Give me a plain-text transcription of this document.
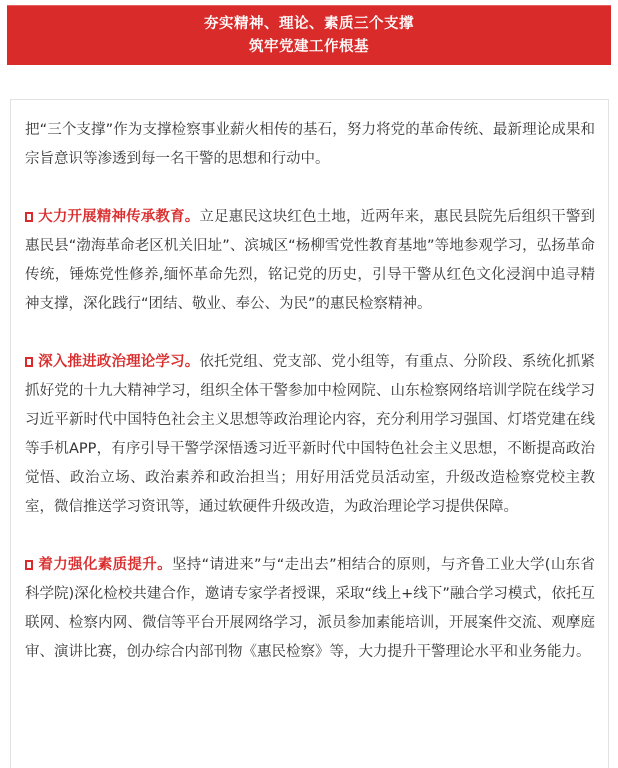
夯实精神、理论、素质三个支撑
筑牢党建工作根基

把“三个支撑”作为支撑检察事业薪火相传的基石，努力将党的革命传统、最新理论成果和宗旨意识等渗透到每一名干警的思想和行动中。

大力开展精神传承教育。立足惠民这块红色土地，近两年来，惠民县院先后组织干警到惠民县“渤海革命老区机关旧址”、滨城区“杨柳雪党性教育基地”等地参观学习，弘扬革命传统，锤炼党性修养,缅怀革命先烈，铭记党的历史，引导干警从红色文化浸润中追寻精神支撑，深化践行“团结、敬业、奉公、为民”的惠民检察精神。

深入推进政治理论学习。依托党组、党支部、党小组等，有重点、分阶段、系统化抓紧抓好党的十九大精神学习，组织全体干警参加中检网院、山东检察网络培训学院在线学习习近平新时代中国特色社会主义思想等政治理论内容，充分利用学习强国、灯塔党建在线等手机APP，有序引导干警学深悟透习近平新时代中国特色社会主义思想，不断提高政治觉悟、政治立场、政治素养和政治担当；用好用活党员活动室，升级改造检察党校主教室，微信推送学习资讯等，通过软硬件升级改造，为政治理论学习提供保障。

着力强化素质提升。坚持“请进来”与“走出去”相结合的原则，与齐鲁工业大学(山东省科学院)深化检校共建合作，邀请专家学者授课，采取“线上+线下”融合学习模式，依托互联网、检察内网、微信等平台开展网络学习，派员参加素能培训，开展案件交流、观摩庭审、演讲比赛，创办综合内部刊物《惠民检察》等，大力提升干警理论水平和业务能力。
